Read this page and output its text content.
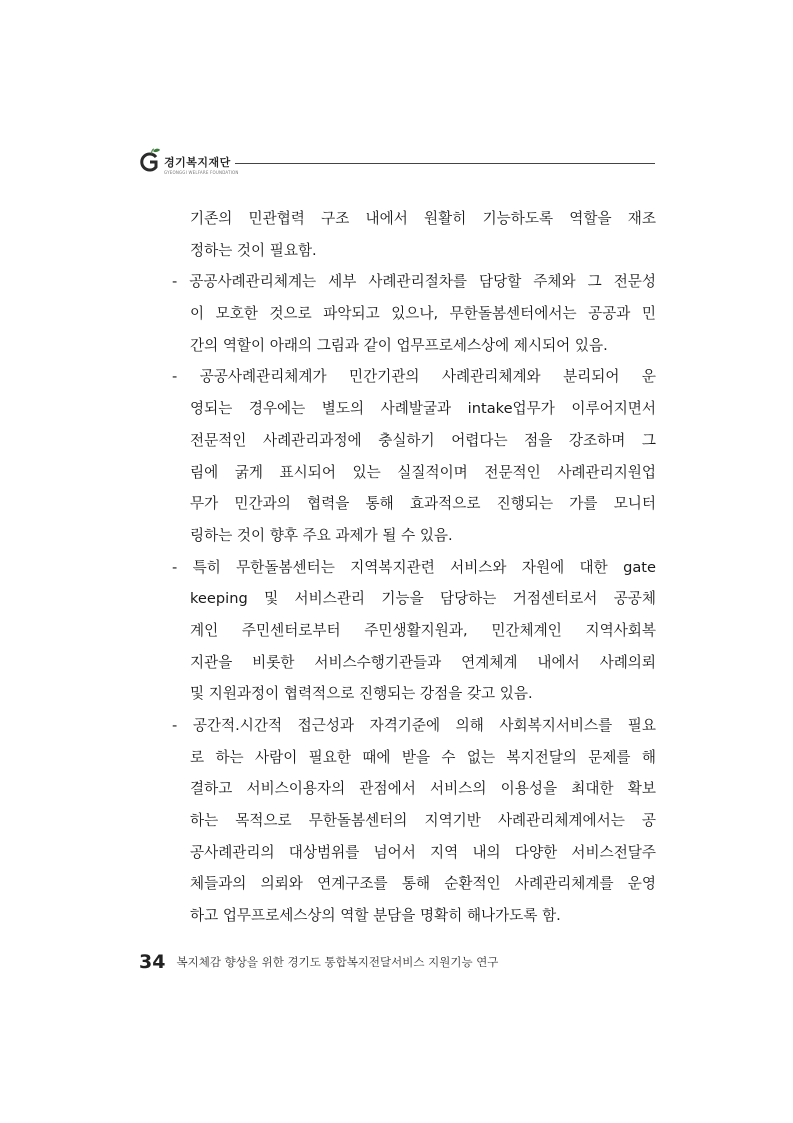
경기복지재단
GYEONGGI WELFARE FOUNDATION
기존의 민관협력 구조 내에서 원활히 기능하도록 역할을 재조
정하는 것이 필요함.
- 공공사례관리체계는 세부 사례관리절차를 담당할 주체와 그 전문성
이 모호한 것으로 파악되고 있으나, 무한돌봄센터에서는 공공과 민
간의 역할이 아래의 그림과 같이 업무프로세스상에 제시되어 있음.
- 공공사례관리체계가 민간기관의 사례관리체계와 분리되어 운
영되는 경우에는 별도의 사례발굴과 intake업무가 이루어지면서
전문적인 사례관리과정에 충실하기 어렵다는 점을 강조하며 그
림에 굵게 표시되어 있는 실질적이며 전문적인 사례관리지원업
무가 민간과의 협력을 통해 효과적으로 진행되는 가를 모니터
링하는 것이 향후 주요 과제가 될 수 있음.
- 특히 무한돌봄센터는 지역복지관련 서비스와 자원에 대한 gate
keeping 및 서비스관리 기능을 담당하는 거점센터로서 공공체
계인 주민센터로부터 주민생활지원과, 민간체계인 지역사회복
지관을 비롯한 서비스수행기관들과 연계체계 내에서 사례의뢰
및 지원과정이 협력적으로 진행되는 강점을 갖고 있음.
- 공간적.시간적 접근성과 자격기준에 의해 사회복지서비스를 필요
로 하는 사람이 필요한 때에 받을 수 없는 복지전달의 문제를 해
결하고 서비스이용자의 관점에서 서비스의 이용성을 최대한 확보
하는 목적으로 무한돌봄센터의 지역기반 사례관리체계에서는 공
공사례관리의 대상범위를 넘어서 지역 내의 다양한 서비스전달주
체들과의 의뢰와 연계구조를 통해 순환적인 사례관리체계를 운영
하고 업무프로세스상의 역할 분담을 명확히 해나가도록 함.
34 복지체감 향상을 위한 경기도 통합복지전달서비스 지원기능 연구
